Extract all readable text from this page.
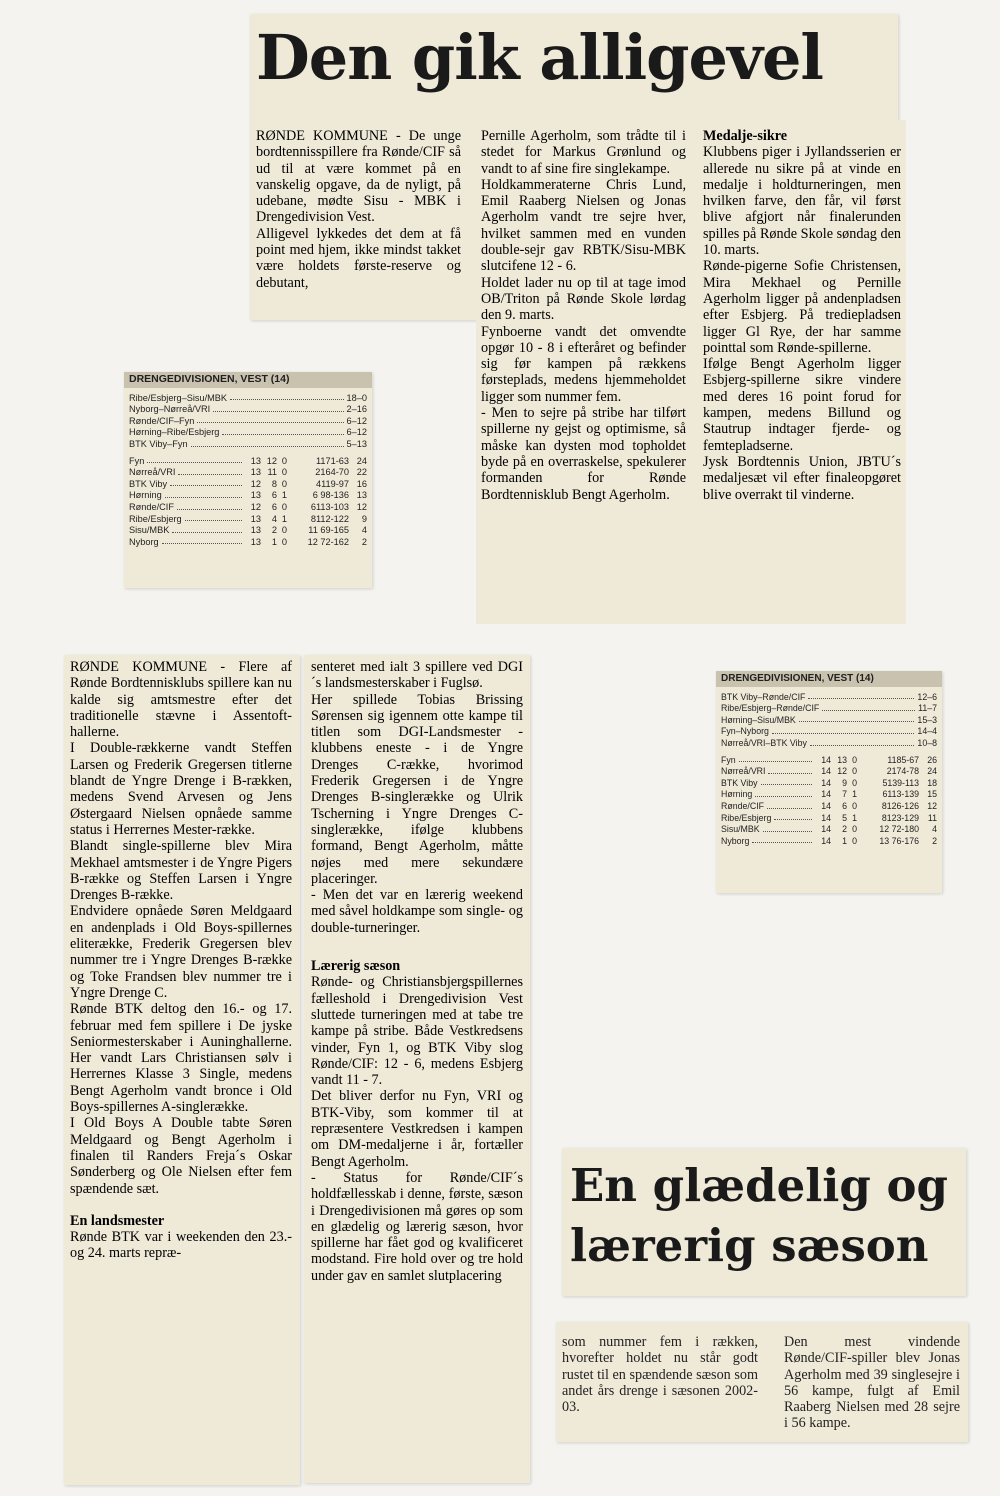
Den gik alligevel

RØNDE KOMMUNE - De unge bordtennisspillere fra Rønde/CIF så ud til at være kommet på en vanskelig opgave, da de nyligt, på udebane, mødte Sisu - MBK i Drengedivision Vest.

Alligevel lykkedes det dem at få point med hjem, ikke mindst takket være holdets første-reserve og debutant,

Pernille Agerholm, som trådte til i stedet for Markus Grønlund og vandt to af sine fire singlekampe.

Holdkammeraterne Chris Lund, Emil Raaberg Nielsen og Jonas Agerholm vandt tre sejre hver, hvilket sammen med en vunden double-sejr gav RBTK/Sisu-MBK slutcifene 12 - 6.

Holdet lader nu op til at tage imod OB/Triton på Rønde Skole lørdag den 9. marts.

Fynboerne vandt det omvendte opgør 10 - 8 i efteråret og befinder sig før kampen på rækkens førsteplads, medens hjemmeholdet ligger som nummer fem.

- Men to sejre på stribe har tilført spillerne ny gejst og optimisme, så måske kan dysten mod topholdet byde på en overraskelse, spekulerer formanden for Rønde Bordtennisklub Bengt Agerholm.

Medalje-sikre

Klubbens piger i Jyllandsserien er allerede nu sikre på at vinde en medalje i holdturneringen, men hvilken farve, den får, vil først blive afgjort når finalerunden spilles på Rønde Skole søndag den 10. marts.

Rønde-pigerne Sofie Christensen, Mira Mekhael og Pernille Agerholm ligger på andenpladsen efter Esbjerg. På trediepladsen ligger Gl Rye, der har samme pointtal som Rønde-spillerne.

Ifølge Bengt Agerholm ligger Esbjerg-spillerne sikre vindere med deres 16 point forud for kampen, medens Billund og Stautrup indtager fjerde- og femtepladserne.

Jysk Bordtennis Union, JBTU´s medaljesæt vil efter finaleopgøret blive overrakt til vinderne.

DRENGEDIVISIONEN, VEST (14)
Ribe/Esbjerg–Sisu/MBK	18–0
Nyborg–Nørreå/VRI	2–16
Rønde/CIF–Fyn	6–12
Hørning–Ribe/Esbjerg	6–12
BTK Viby–Fyn	5–13
Fyn	13 12 0	1171-63 24
Nørreå/VRI	13 11 0	2164-70 22
BTK Viby	12	8 0	4119-97 16
Hørning	13	6 1	6 98-136 13
Rønde/CIF	12	6 0	6113-103 12
Ribe/Esbjerg	13	4 1	8112-122	9
Sisu/MBK	13	2 0	11 69-165	4
Nyborg	13	1 0	12 72-162	2
DRENGEDIVISIONEN, VEST (14)
BTK Viby–Rønde/CIF	12–6
Ribe/Esbjerg–Rønde/CIF	11–7
Hørning–Sisu/MBK	15–3
Fyn–Nyborg	14–4
Nørreå/VRI–BTK Viby	10–8
Fyn	14 13 0	1185-67 26
Nørreå/VRI	14 12 0	2174-78 24
BTK Viby	14	9 0	5139-113 18
Hørning	14	7 1	6113-139 15
Rønde/CIF	14	6 0	8126-126 12
Ribe/Esbjerg	14	5 1	8123-129	11
Sisu/MBK	14	2 0	12 72-180	4
Nyborg	14	1 0	13 76-176	2

RØNDE KOMMUNE - Flere af Rønde Bordtennisklubs spillere kan nu kalde sig amtsmestre efter det traditionelle stævne i Assentoft-hallerne.

I Double-rækkerne vandt Steffen Larsen og Frederik Gregersen titlerne blandt de Yngre Drenge i B-rækken, medens Svend Arvesen og Jens Østergaard Nielsen opnåede samme status i Herrernes Mester-række.

Blandt single-spillerne blev Mira Mekhael amtsmester i de Yngre Pigers B-række og Steffen Larsen i Yngre Drenges B-række.

Endvidere opnåede Søren Meldgaard en andenplads i Old Boys-spillernes eliterække, Frederik Gregersen blev nummer tre i Yngre Drenges B-række og Toke Frandsen blev nummer tre i Yngre Drenge C.

Rønde BTK deltog den 16.- og 17. februar med fem spillere i De jyske Seniormesterskaber i Auninghallerne. Her vandt Lars Christiansen sølv i Herrernes Klasse 3 Single, medens Bengt Agerholm vandt bronce i Old Boys-spillernes A-singlerække.

I Old Boys A Double tabte Søren Meldgaard og Bengt Agerholm i finalen til Randers Freja´s Oskar Sønderberg og Ole Nielsen efter fem spændende sæt.

En landsmester

Rønde BTK var i weekenden den 23.- og 24. marts repræ-

senteret med ialt 3 spillere ved DGI´s landsmesterskaber i Fuglsø.

Her spillede Tobias Brissing Sørensen sig igennem otte kampe til titlen som DGI-Landsmester - klubbens eneste - i de Yngre Drenges C-række, hvorimod Frederik Gregersen i de Yngre Drenges B-singlerække og Ulrik Tscherning i Yngre Drenges C-singlerække, ifølge klubbens formand, Bengt Agerholm, måtte nøjes med mere sekundære placeringer.

- Men det var en lærerig weekend med såvel holdkampe som single- og double-turneringer.

Lærerig sæson

Rønde- og Christiansbjergspillernes fælleshold i Drengedivision Vest sluttede turneringen med at tabe tre kampe på stribe. Både Vestkredsens vinder, Fyn 1, og BTK Viby slog Rønde/CIF: 12 - 6, medens Esbjerg vandt 11 - 7.

Det bliver derfor nu Fyn, VRI og BTK-Viby, som kommer til at repræsentere Vestkredsen i kampen om DM-medaljerne i år, fortæller Bengt Agerholm.

- Status for Rønde/CIF´s holdfællesskab i denne, første, sæson i Drengedivisionen må gøres op som en glædelig og lærerig sæson, hvor spillerne har fået god og kvalificeret modstand. Fire hold over og tre hold under gav en samlet slutplacering

En glædelig og lærerig sæson

som nummer fem i rækken, hvorefter holdet nu står godt rustet til en spændende sæson som andet års drenge i sæsonen 2002-03.

Den mest vindende Rønde/CIF-spiller blev Jonas Agerholm med 39 singlesejre i 56 kampe, fulgt af Emil Raaberg Nielsen med 28 sejre i 56 kampe.
